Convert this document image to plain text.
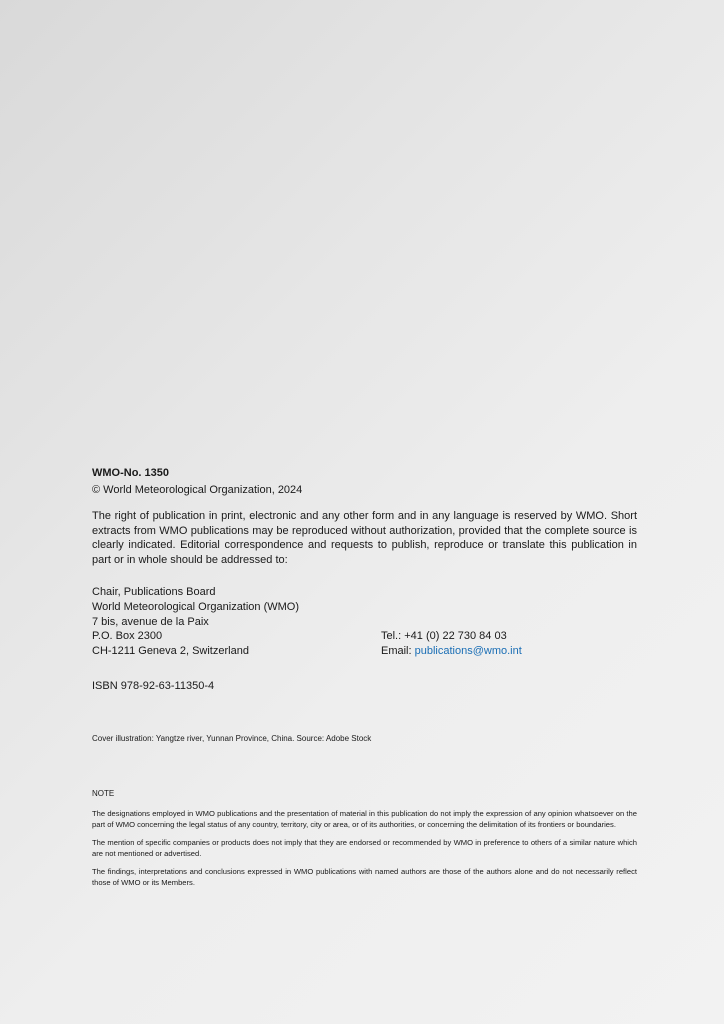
WMO-No. 1350

© World Meteorological Organization, 2024

The right of publication in print, electronic and any other form and in any language is reserved by WMO. Short extracts from WMO publications may be reproduced without authorization, provided that the complete source is clearly indicated. Editorial correspondence and requests to publish, reproduce or translate this publication in part or in whole should be addressed to:

Chair, Publications Board
World Meteorological Organization (WMO)
7 bis, avenue de la Paix
P.O. Box 2300
CH-1211 Geneva 2, Switzerland
Tel.: +41 (0) 22 730 84 03
Email: publications@wmo.int

ISBN 978-92-63-11350-4

Cover illustration: Yangtze river, Yunnan Province, China. Source: Adobe Stock

NOTE

The designations employed in WMO publications and the presentation of material in this publication do not imply the expression of any opinion whatsoever on the part of WMO concerning the legal status of any country, territory, city or area, or of its authorities, or concerning the delimitation of its frontiers or boundaries.

The mention of specific companies or products does not imply that they are endorsed or recommended by WMO in preference to others of a similar nature which are not mentioned or advertised.

The findings, interpretations and conclusions expressed in WMO publications with named authors are those of the authors alone and do not necessarily reflect those of WMO or its Members.
